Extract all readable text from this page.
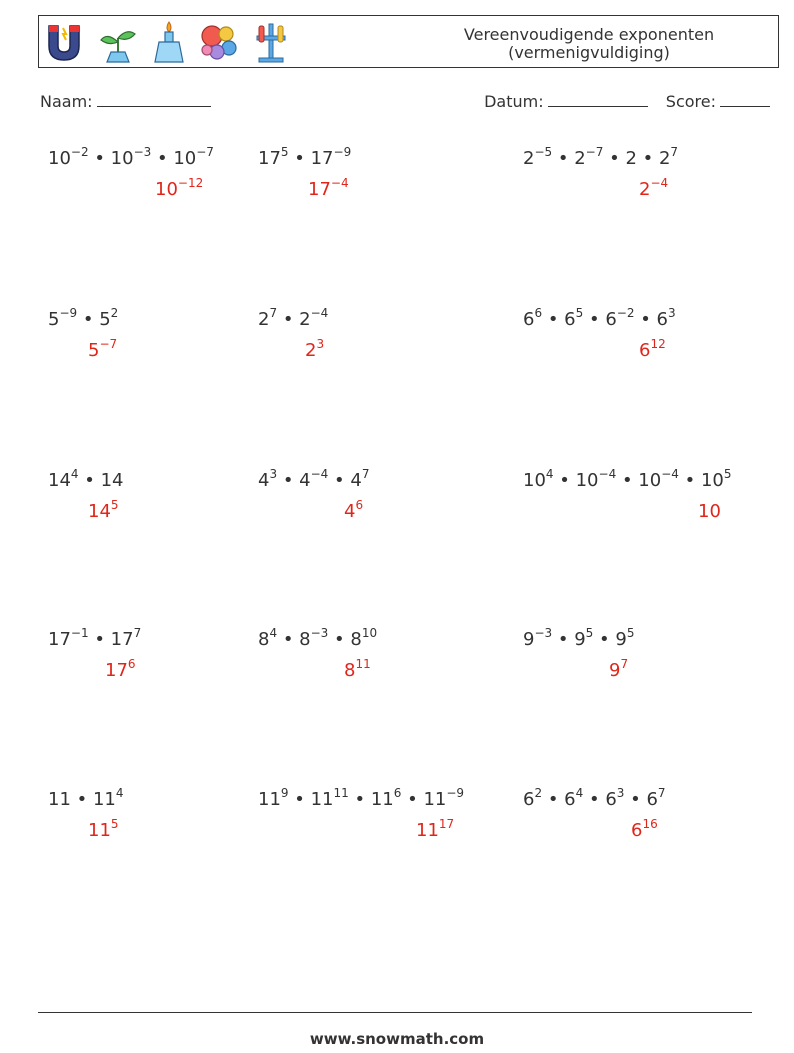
Vereenvoudigende exponenten
(vermenigvuldiging)
Naam:	Datum:	Score:
$10^{-2}$ • $10^{-3}$ • $10^{-7}$
$10^{-12}$
$17^5$ • $17^{-9}$
$17^{-4}$
$2^{-5}$ • $2^{-7}$ • 2 • $2^7$
$2^{-4}$
$5^{-9}$ • $5^2$
$5^{-7}$
$2^7$ • $2^{-4}$
$2^3$
$6^6$ • $6^5$ • $6^{-2}$ • $6^3$
$6^{12}$
$14^4$ • 14
$14^5$
$4^3$ • $4^{-4}$ • $4^7$
$4^6$
$10^4$ • $10^{-4}$ • $10^{-4}$ • $10^5$
10
$17^{-1}$ • $17^7$
$17^6$
$8^4$ • $8^{-3}$ • $8^{10}$
$8^{11}$
$9^{-3}$ • $9^5$ • $9^5$
$9^7$
11 • $11^4$
$11^5$
$11^9$ • $11^{11}$ • $11^6$ • $11^{-9}$
$11^{17}$
$6^2$ • $6^4$ • $6^3$ • $6^7$
$6^{16}$
www.snowmath.com
